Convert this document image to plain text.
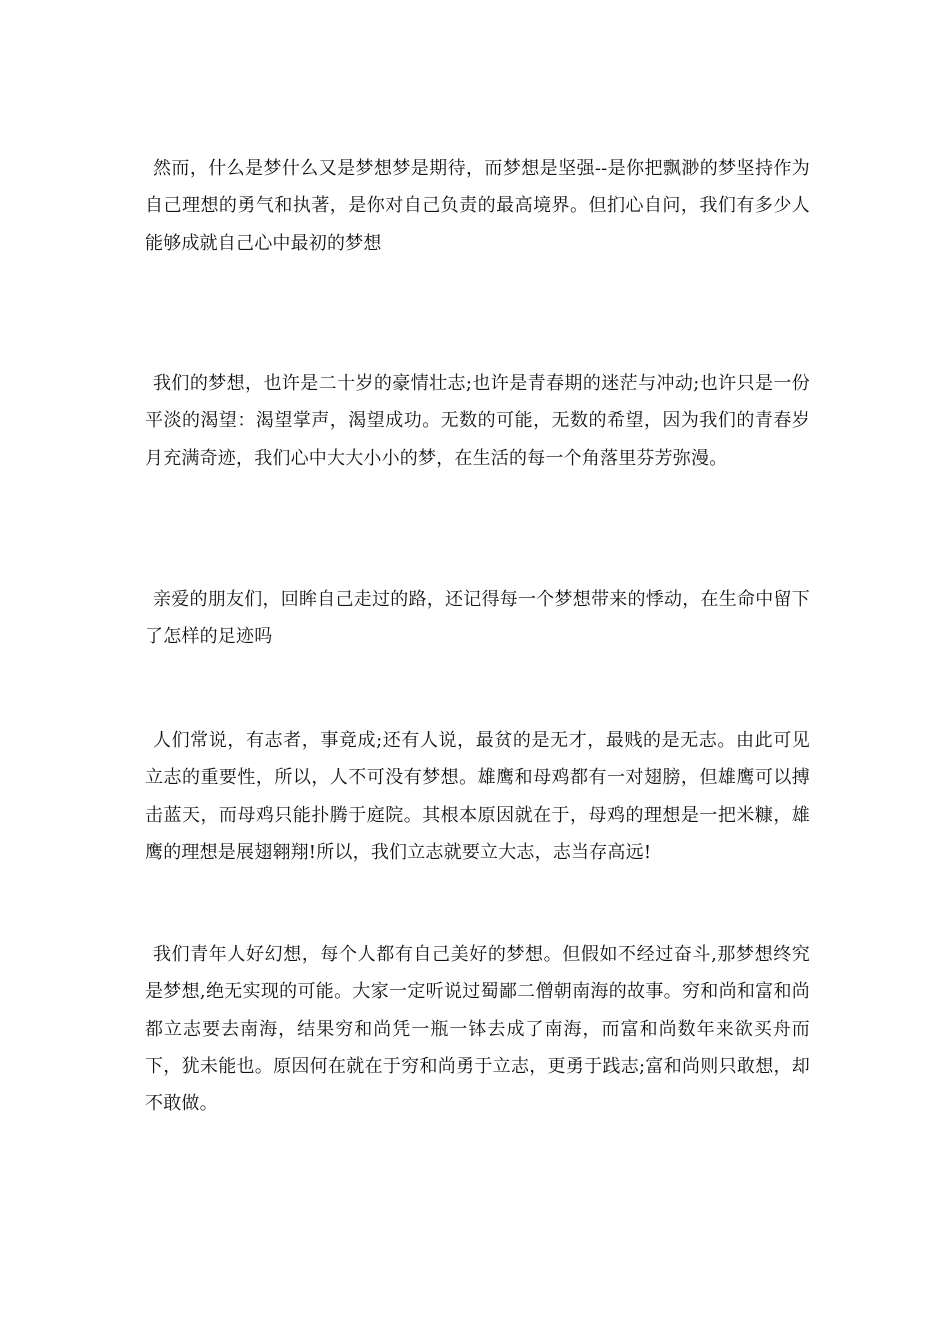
然而，什么是梦什么又是梦想梦是期待，而梦想是坚强--是你把飘渺的梦坚持作为自己理想的勇气和执著，是你对自己负责的最高境界。但扪心自问，我们有多少人能够成就自己心中最初的梦想

我们的梦想，也许是二十岁的豪情壮志;也许是青春期的迷茫与冲动;也许只是一份平淡的渴望：渴望掌声，渴望成功。无数的可能，无数的希望，因为我们的青春岁月充满奇迹，我们心中大大小小的梦，在生活的每一个角落里芬芳弥漫。

亲爱的朋友们，回眸自己走过的路，还记得每一个梦想带来的悸动，在生命中留下了怎样的足迹吗

人们常说，有志者，事竟成;还有人说，最贫的是无才，最贱的是无志。由此可见立志的重要性，所以，人不可没有梦想。雄鹰和母鸡都有一对翅膀，但雄鹰可以搏击蓝天，而母鸡只能扑腾于庭院。其根本原因就在于，母鸡的理想是一把米糠，雄鹰的理想是展翅翱翔!所以，我们立志就要立大志，志当存高远!

我们青年人好幻想，每个人都有自己美好的梦想。但假如不经过奋斗,那梦想终究是梦想,绝无实现的可能。大家一定听说过蜀鄙二僧朝南海的故事。穷和尚和富和尚都立志要去南海，结果穷和尚凭一瓶一钵去成了南海，而富和尚数年来欲买舟而下，犹未能也。原因何在就在于穷和尚勇于立志，更勇于践志;富和尚则只敢想，却不敢做。
